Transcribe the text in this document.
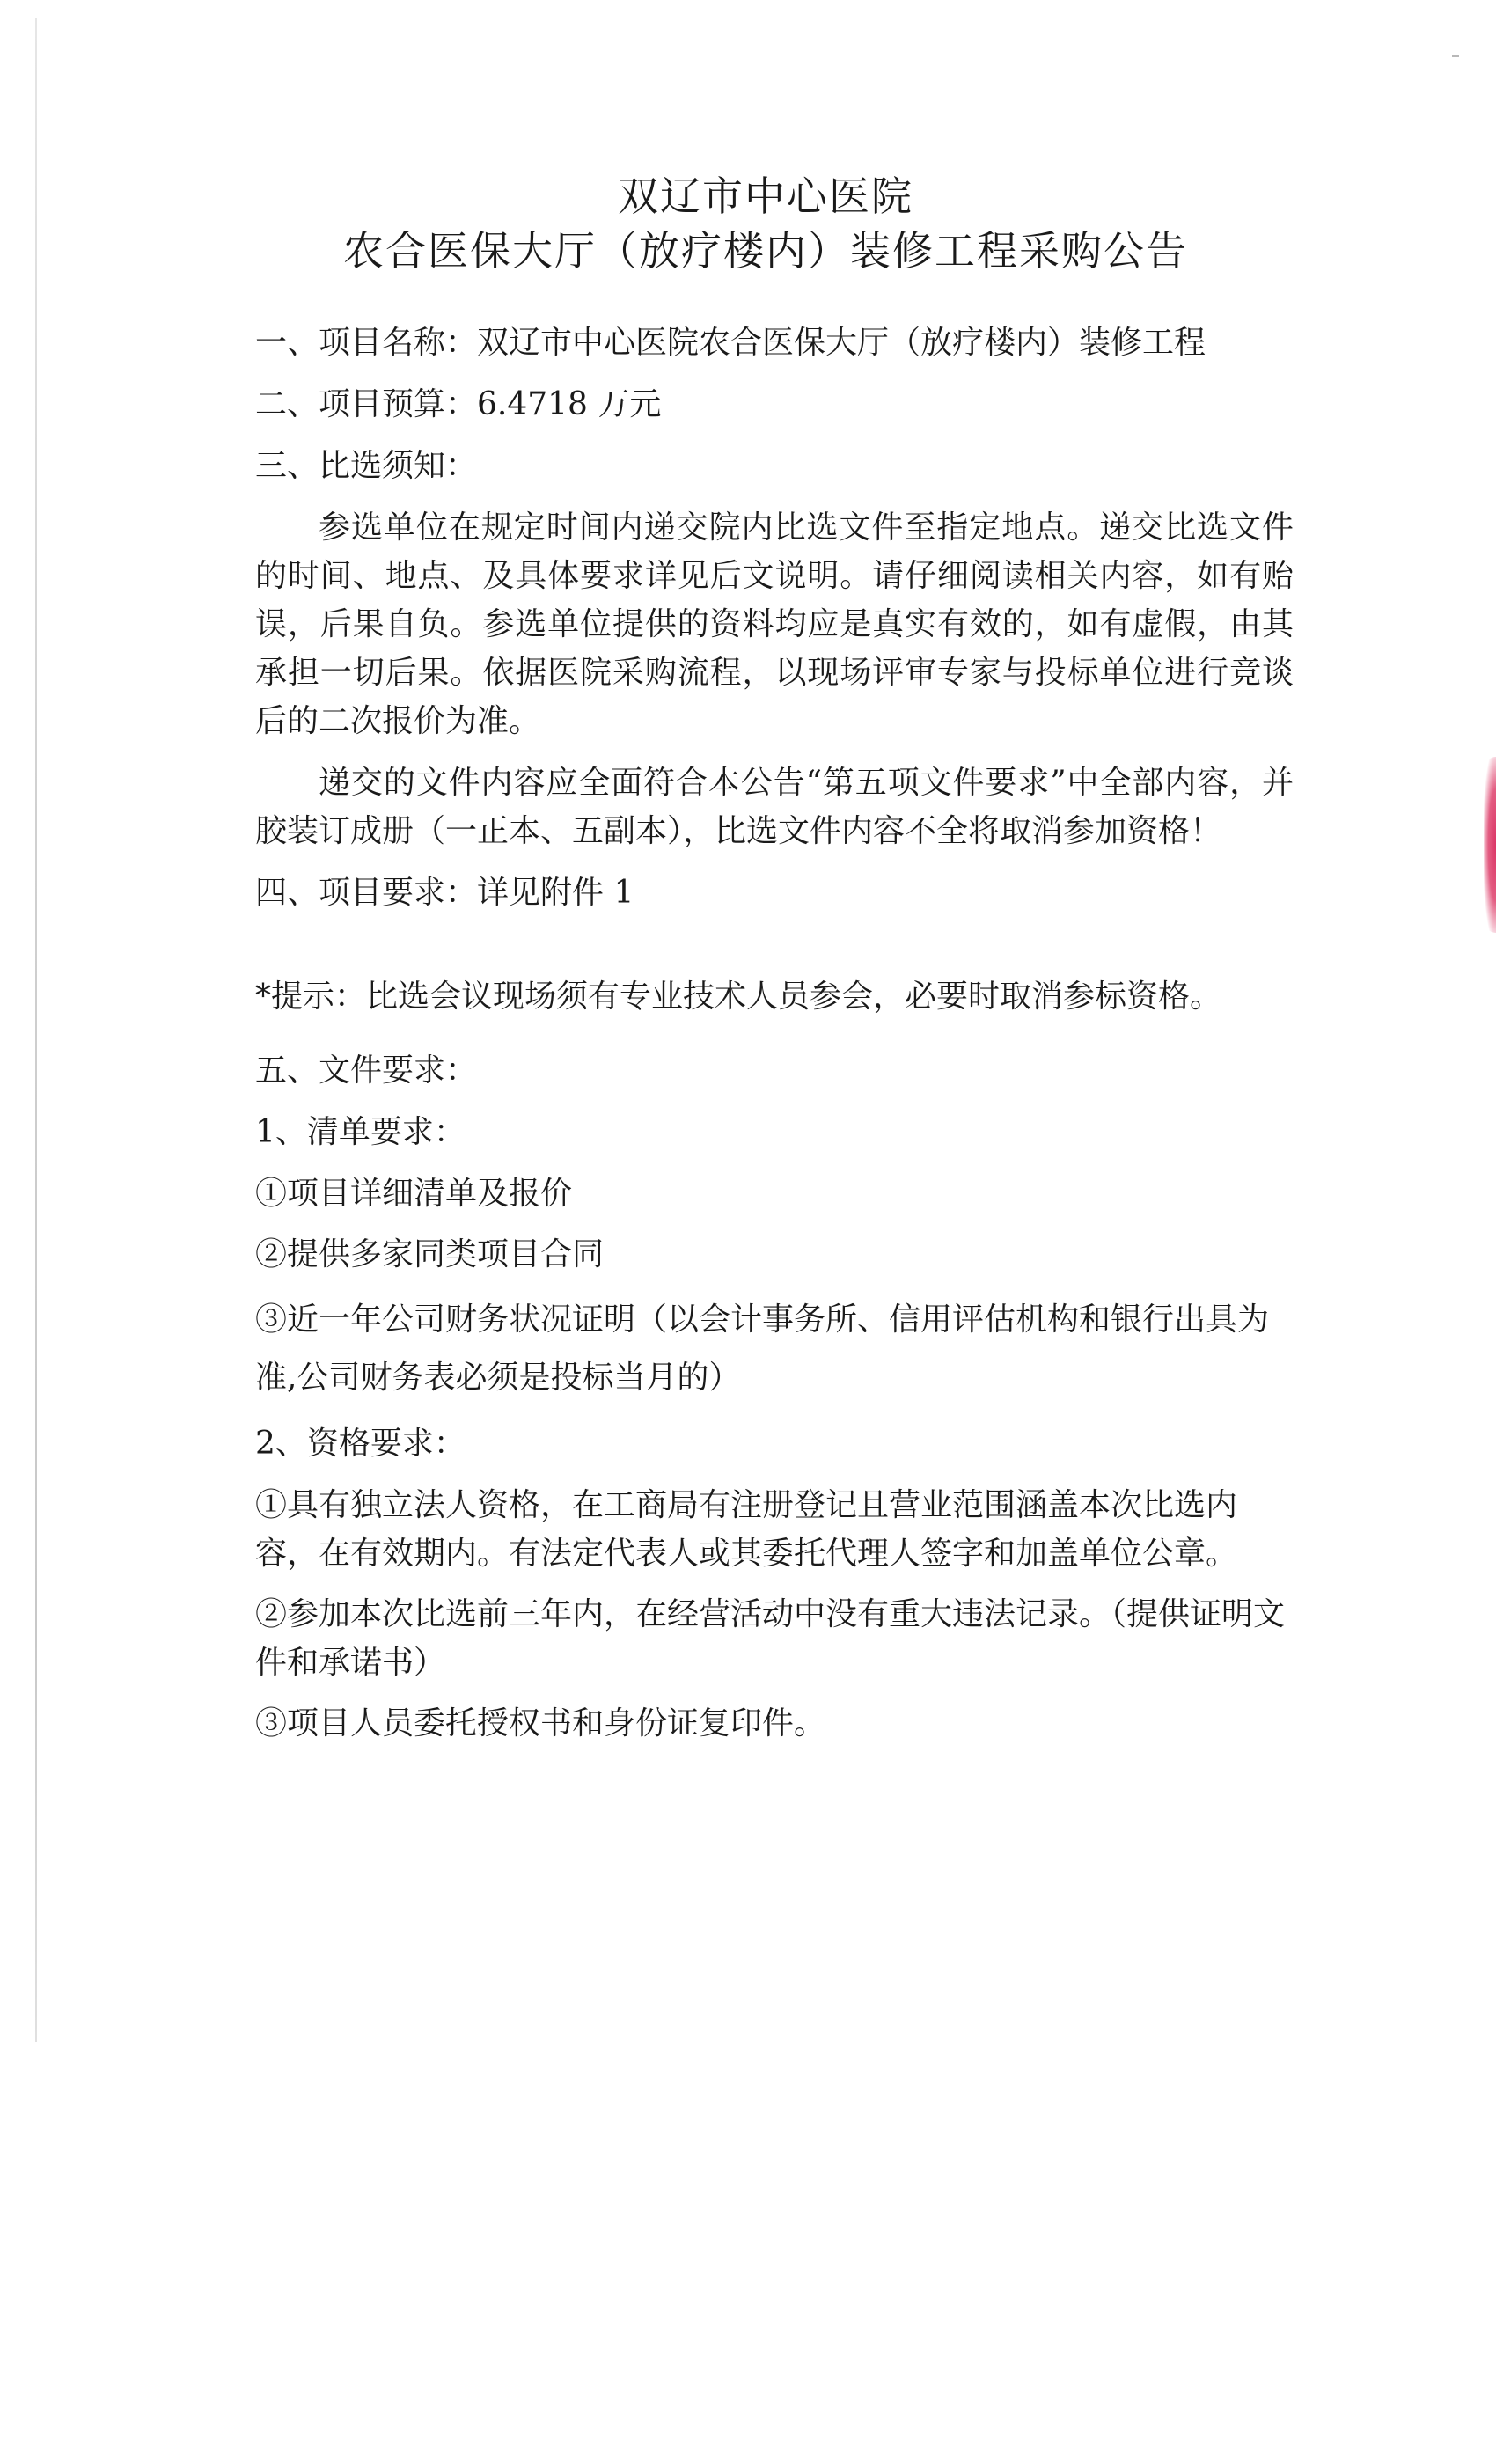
双辽市中心医院
农合医保大厅（放疗楼内）装修工程采购公告

一、项目名称：双辽市中心医院农合医保大厅（放疗楼内）装修工程

二、项目预算：6.4718 万元

三、比选须知：

参选单位在规定时间内递交院内比选文件至指定地点。递交比选文件的时间、地点、及具体要求详见后文说明。请仔细阅读相关内容，如有贻误，后果自负。参选单位提供的资料均应是真实有效的，如有虚假，由其承担一切后果。依据医院采购流程，以现场评审专家与投标单位进行竞谈后的二次报价为准。

递交的文件内容应全面符合本公告“第五项文件要求”中全部内容，并胶装订成册（一正本、五副本），比选文件内容不全将取消参加资格！

四、项目要求：详见附件 1

*提示：比选会议现场须有专业技术人员参会，必要时取消参标资格。

五、文件要求：

1、清单要求：

①项目详细清单及报价

②提供多家同类项目合同

③近一年公司财务状况证明（以会计事务所、信用评估机构和银行出具为准,公司财务表必须是投标当月的）

2、资格要求：

①具有独立法人资格，在工商局有注册登记且营业范围涵盖本次比选内容，在有效期内。有法定代表人或其委托代理人签字和加盖单位公章。

②参加本次比选前三年内，在经营活动中没有重大违法记录。（提供证明文件和承诺书）

③项目人员委托授权书和身份证复印件。
